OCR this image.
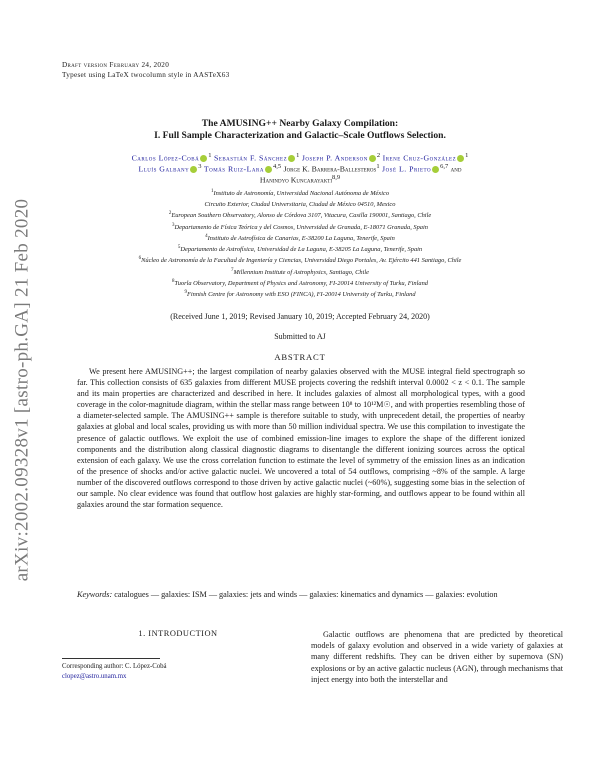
arXiv:2002.09328v1 [astro-ph.GA] 21 Feb 2020
Draft version February 24, 2020
Typeset using LaTeX twocolumn style in AASTeX63
The AMUSING++ Nearby Galaxy Compilation:
I. Full Sample Characterization and Galactic–Scale Outflows Selection.
Carlos López-Cobá $^1$ Sebastián F. Sánchez $^1$ Joseph P. Anderson $^2$ Irene Cruz-González $^1$
Lluís Galbany $^3$ Tomás Ruiz-Lara $^{4,5}$ Jorge K. Barrera-Ballesteros$^1$ José L. Prieto $^{6,7}$ and
Hanindyo Kuncarayakti$^{8,9}$
$^1$Instituto de Astronomía, Universidad Nacional Autónoma de México
Circuito Exterior, Ciudad Universitaria, Ciudad de México 04510, Mexico
$^2$European Southern Observatory, Alonso de Córdova 3107, Vitacura, Casilla 190001, Santiago, Chile
$^3$Departamento de Física Teórica y del Cosmos, Universidad de Granada, E-18071 Granada, Spain
$^4$Instituto de Astrofísica de Canarias, E-38200 La Laguna, Tenerife, Spain
$^5$Departamento de Astrofísica, Universidad de La Laguna, E-38205 La Laguna, Tenerife, Spain
$^6$Núcleo de Astronomía de la Facultad de Ingeniería y Ciencias, Universidad Diego Portales, Av. Ejército 441 Santiago, Chile
$^7$Millennium Institute of Astrophysics, Santiago, Chile
$^8$Tuorla Observatory, Department of Physics and Astronomy, FI-20014 University of Turku, Finland
$^9$Finnish Centre for Astronomy with ESO (FINCA), FI-20014 University of Turku, Finland
(Received June 1, 2019; Revised January 10, 2019; Accepted February 24, 2020)
Submitted to AJ
ABSTRACT
We present here AMUSING++; the largest compilation of nearby galaxies observed with the MUSE integral field spectrograph so far. This collection consists of 635 galaxies from different MUSE projects covering the redshift interval 0.0002 < z < 0.1. The sample and its main properties are characterized and described in here. It includes galaxies of almost all morphological types, with a good coverage in the color-magnitude diagram, within the stellar mass range between 10⁸ to 10¹²M☉, and with properties resembling those of a diameter-selected sample. The AMUSING++ sample is therefore suitable to study, with unprecedent detail, the properties of nearby galaxies at global and local scales, providing us with more than 50 million individual spectra. We use this compilation to investigate the presence of galactic outflows. We exploit the use of combined emission-line images to explore the shape of the different ionized components and the distribution along classical diagnostic diagrams to disentangle the different ionizing sources across the optical extension of each galaxy. We use the cross correlation function to estimate the level of symmetry of the emission lines as an indication of the presence of shocks and/or active galactic nuclei. We uncovered a total of 54 outflows, comprising ~8% of the sample. A large number of the discovered outflows correspond to those driven by active galactic nuclei (~60%), suggesting some bias in the selection of our sample. No clear evidence was found that outflow host galaxies are highly star-forming, and outflows appear to be found within all galaxies around the star formation sequence.
Keywords: catalogues — galaxies: ISM — galaxies: jets and winds — galaxies: kinematics and dynamics — galaxies: evolution
1. INTRODUCTION
Corresponding author: C. López-Cobá
clopez@astro.unam.mx
Galactic outflows are phenomena that are predicted by theoretical models of galaxy evolution and observed in a wide variety of galaxies at many different redshifts. They can be driven either by supernova (SN) explosions or by an active galactic nucleus (AGN), through mechanisms that inject energy into both the interstellar and
